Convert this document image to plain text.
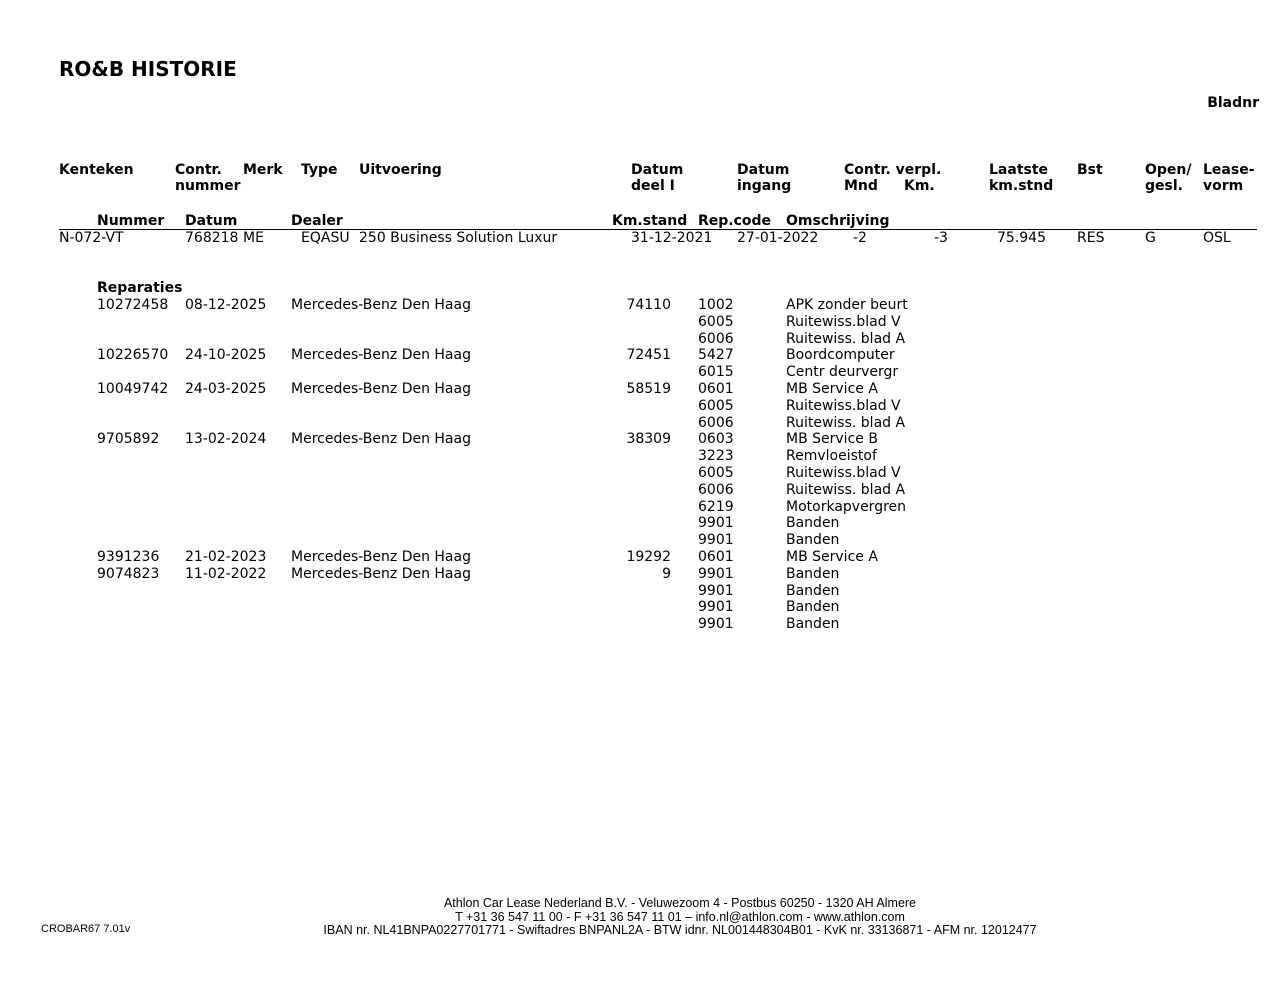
RO&B HISTORIE
Bladnr
Kenteken	Contr.
nummer
Merk Type Uitvoering	Datum
deel I
Datum
ingang
Contr. verpl.
Mnd Km.
Laatste
km.stnd
Bst	Open/
gesl.
Lease-
vorm
Nummer Datum	Dealer	Km.stand Rep.code Omschrijving
N-072-VT	768218 ME	EQASU 250 Business Solution Luxur	31-12-2021 27-01-2022 -2	-3	75.945 RES	G	OSL
Reparaties
10272458 08-12-2025 Mercedes-Benz Den Haag	74110 1002	APK zonder beurt
6005	Ruitewiss.blad V
6006	Ruitewiss. blad A
10226570 24-10-2025 Mercedes-Benz Den Haag	72451 5427	Boordcomputer
6015	Centr deurvergr
10049742 24-03-2025 Mercedes-Benz Den Haag	58519 0601	MB Service A
6005	Ruitewiss.blad V
6006	Ruitewiss. blad A
9705892 13-02-2024 Mercedes-Benz Den Haag	38309 0603	MB Service B
3223	Remvloeistof
6005	Ruitewiss.blad V
6006	Ruitewiss. blad A
6219	Motorkapvergren
9901	Banden
9901	Banden
9391236 21-02-2023 Mercedes-Benz Den Haag	19292 0601	MB Service A
9074823 11-02-2022 Mercedes-Benz Den Haag	9 9901	Banden
9901	Banden
9901	Banden
9901	Banden
CROBAR67 7.01v
Athlon Car Lease Nederland B.V. - Veluwezoom 4 - Postbus 60250 - 1320 AH Almere
T +31 36 547 11 00 - F +31 36 547 11 01 – info.nl@athlon.com - www.athlon.com
IBAN nr. NL41BNPA0227701771 - Swiftadres BNPANL2A - BTW idnr. NL001448304B01 - KvK nr. 33136871 - AFM nr. 12012477
